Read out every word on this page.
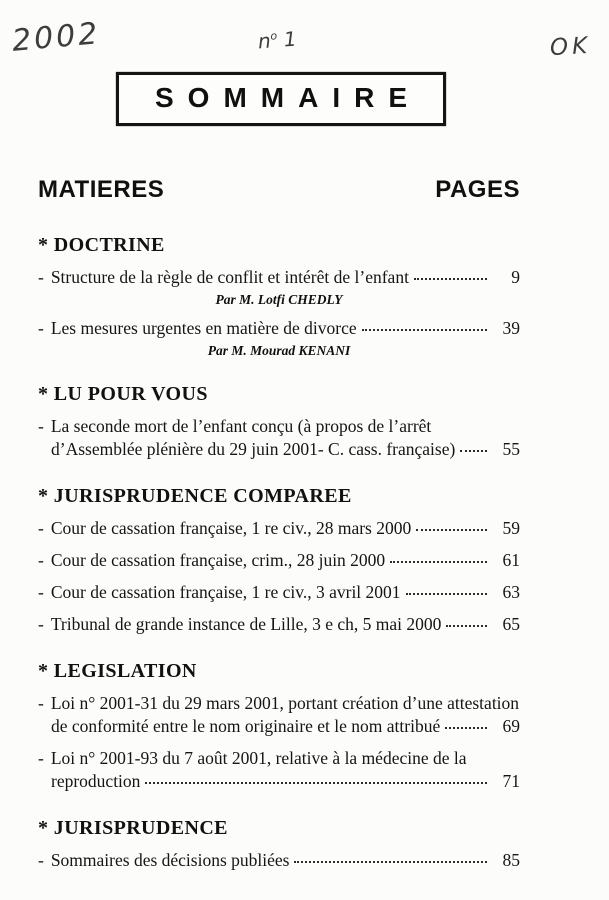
2002	$n^o$ 1	OK
SOMMAIRE
MATIERES	PAGES
* DOCTRINE
- Structure de la règle de conflit et intérêt de l’enfant	9
Par M. Lotfi CHEDLY
- Les mesures urgentes en matière de divorce	39
Par M. Mourad KENANI
* LU POUR VOUS
- La seconde mort de l’enfant conçu (à propos de l’arrêt
d’Assemblée plénière du 29 juin 2001- C. cass. française)	55
* JURISPRUDENCE COMPAREE
- Cour de cassation française, 1 re civ., 28 mars 2000	59
- Cour de cassation française, crim., 28 juin 2000	61
- Cour de cassation française, 1 re civ., 3 avril 2001	63
- Tribunal de grande instance de Lille, 3 e ch, 5 mai 2000	65
* LEGISLATION
- Loi n° 2001-31 du 29 mars 2001, portant création d’une attestation
de conformité entre le nom originaire et le nom attribué	69
- Loi n° 2001-93 du 7 août 2001, relative à la médecine de la
reproduction	71
* JURISPRUDENCE
- Sommaires des décisions publiées	85
